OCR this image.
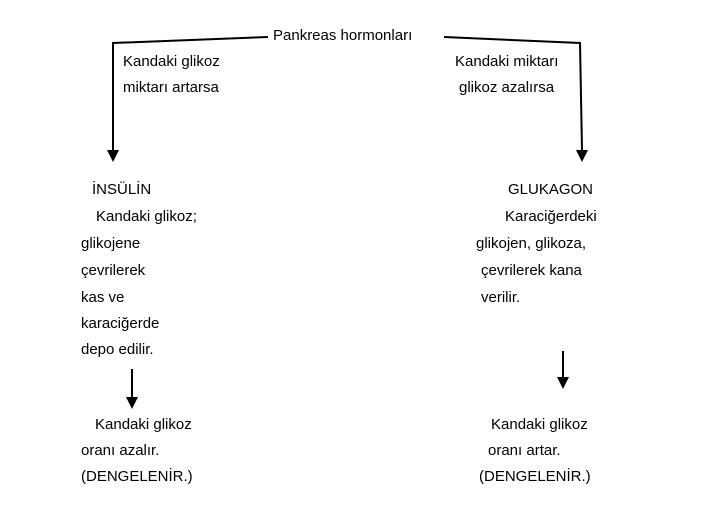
Pankreas hormonları
Kandaki glikoz
miktarı artarsa
Kandaki miktarı
glikoz azalırsa
İNSÜLİN
Kandaki glikoz;
glikojene
çevrilerek
kas ve
karaciğerde
depo edilir.
GLUKAGON
Karaciğerdeki
glikojen, glikoza,
çevrilerek kana
verilir.
Kandaki glikoz
oranı azalır.
(DENGELENİR.)
Kandaki glikoz
oranı artar.
(DENGELENİR.)
